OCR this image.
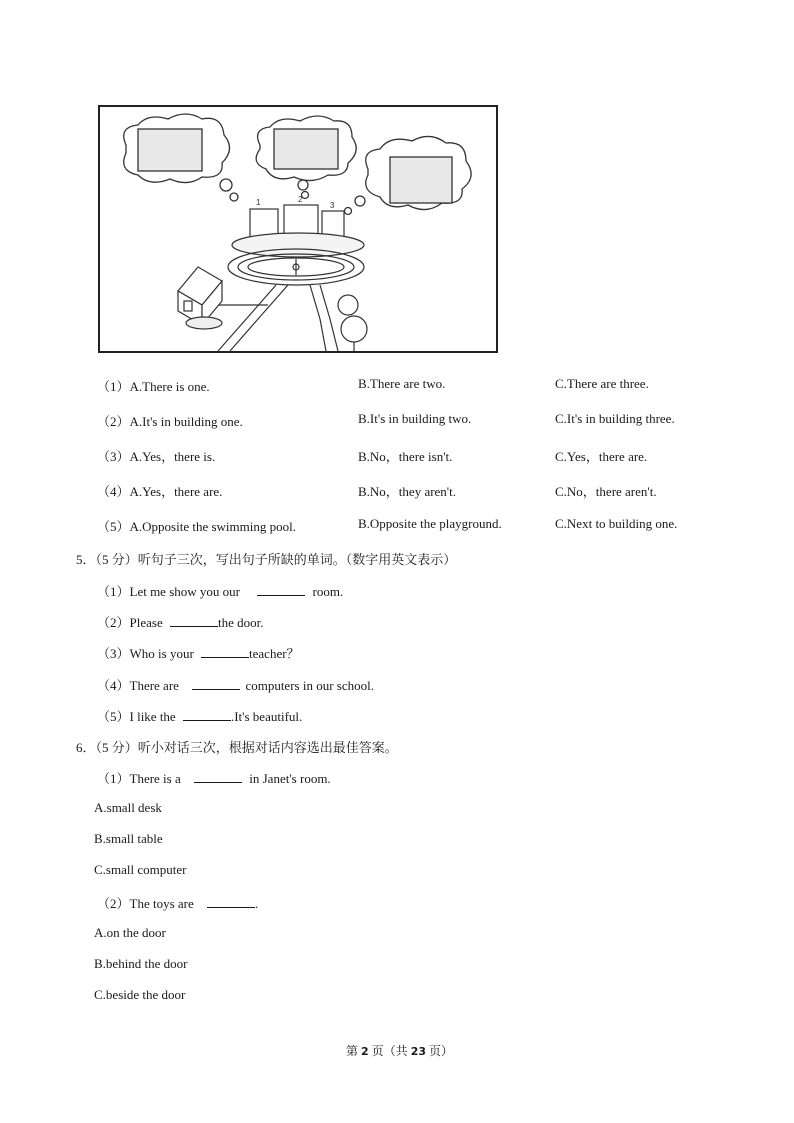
1	2
3
（1）A.There is one.	B.There are two.	C.There are three.
（2）A.It's in building one.	B.It's in building two.	C.It's in building three.
（3）A.Yes，there is.	B.No，there isn't.	C.Yes，there are.
（4）A.Yes，there are.	B.No，they aren't.	C.No，there aren't.
（5）A.Opposite the swimming pool.	B.Opposite the playground.	C.Next to building one.
5．（5 分）听句子三次，写出句子所缺的单词。（数字用英文表示）
（1）Let me show you our	room.
（2）Please	the door.
（3）Who is your	teacher？
（4）There are	computers in our school.
（5）I like the	.It's beautiful.
6．（5 分）听小对话三次，根据对话内容选出最佳答案。
（1）There is a	in Janet's room.
A.small desk
B.small table
C.small computer
（2）The toys are	.
A.on the door
B.behind the door
C.beside the door
第 2 页（共 23 页）
